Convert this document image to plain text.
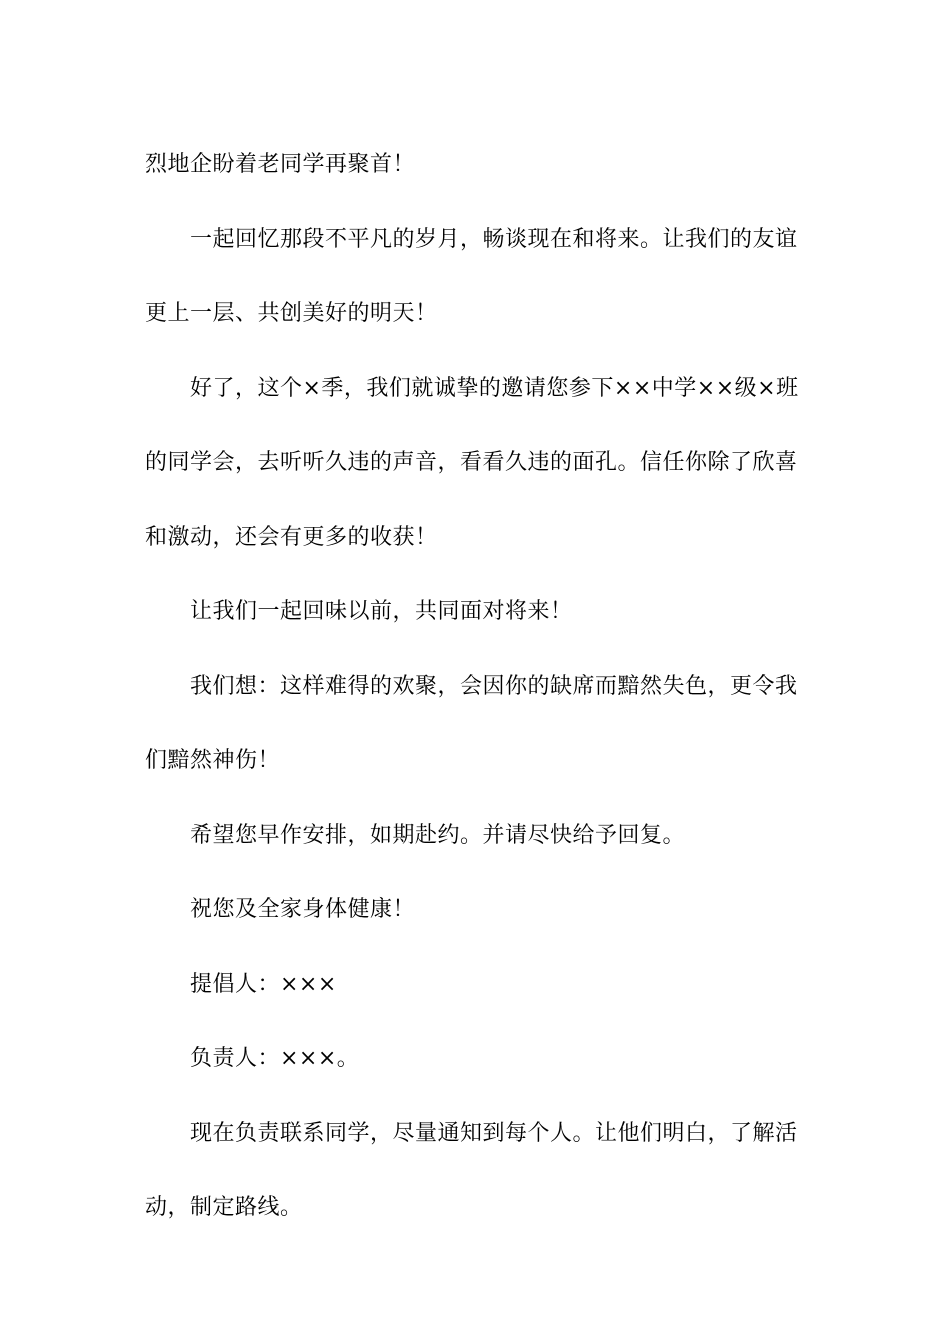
烈地企盼着老同学再聚首！

一起回忆那段不平凡的岁月，畅谈现在和将来。让我们的友谊更上一层、共创美好的明天！

好了，这个×季，我们就诚挚的邀请您参下××中学××级×班的同学会，去听听久违的声音，看看久违的面孔。信任你除了欣喜和激动，还会有更多的收获！

让我们一起回味以前，共同面对将来！

我们想：这样难得的欢聚，会因你的缺席而黯然失色，更令我们黯然神伤！

希望您早作安排，如期赴约。并请尽快给予回复。

祝您及全家身体健康！

提倡人：×××

负责人：×××。

现在负责联系同学，尽量通知到每个人。让他们明白，了解活动，制定路线。
